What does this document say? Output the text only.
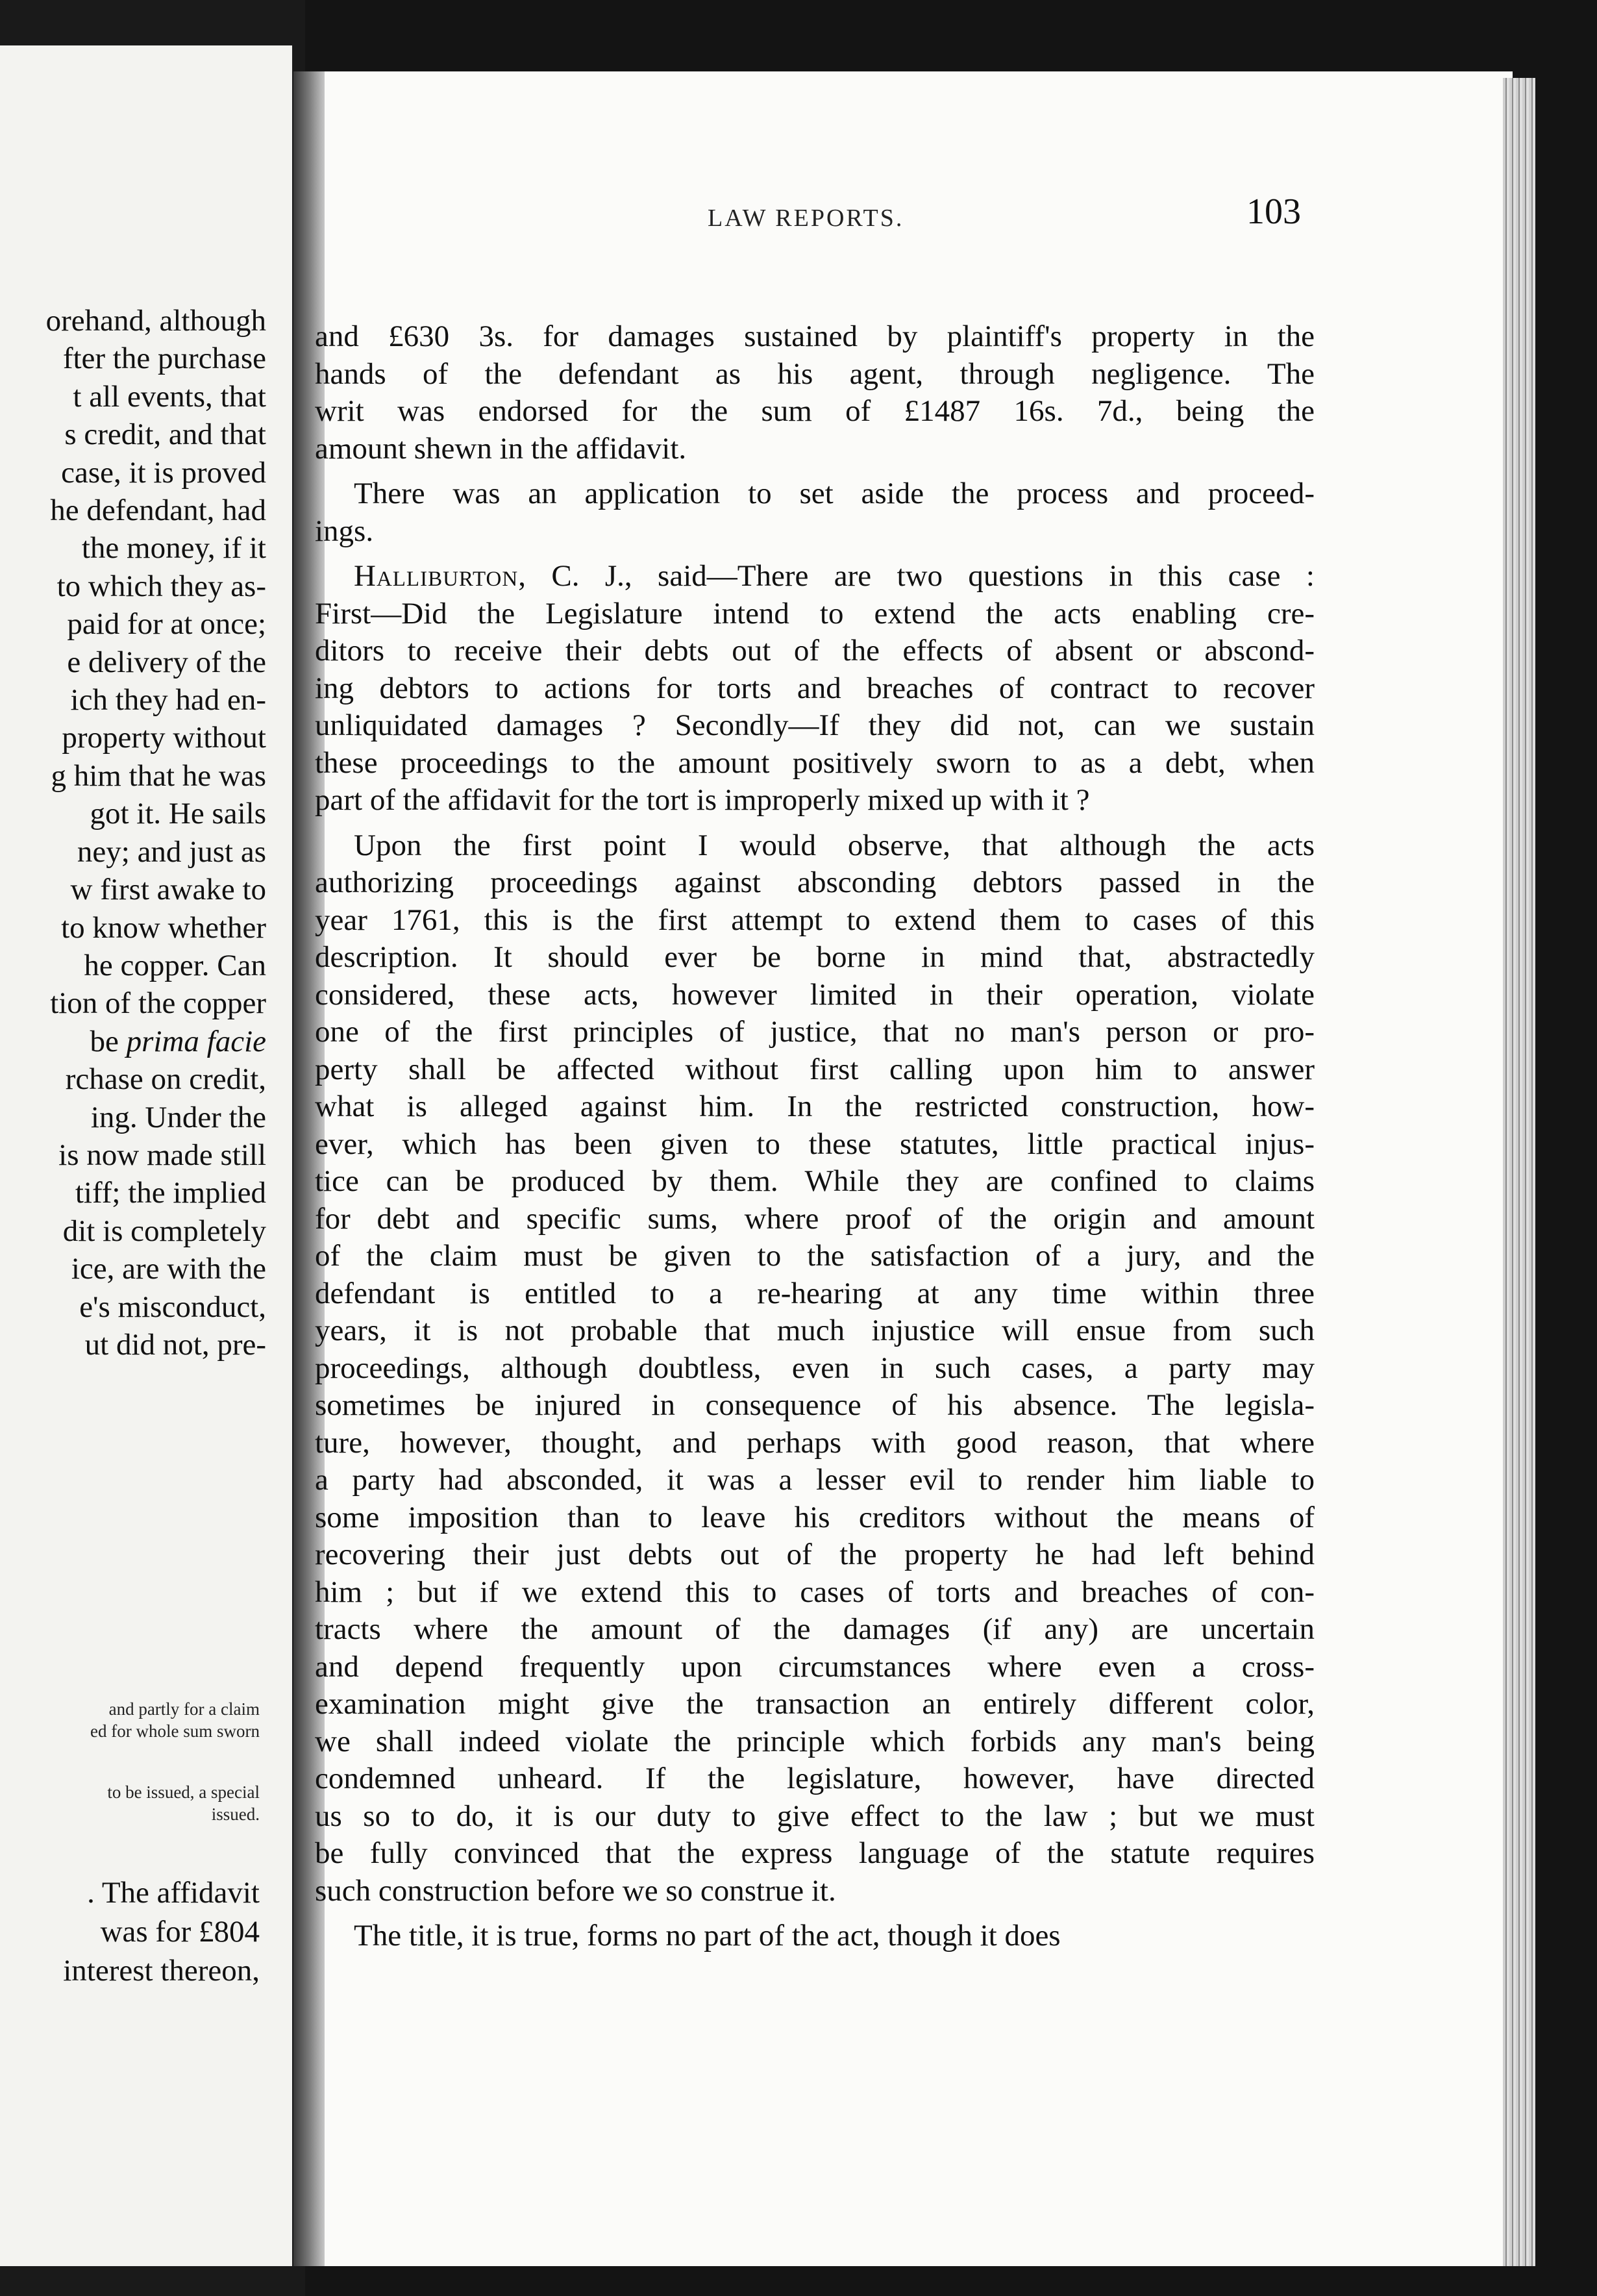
orehand, although
fter the purchase
t all events, that
s credit, and that
case, it is proved
he defendant, had
the money, if it
to which they as-
paid for at once;
e delivery of the
ich they had en-
property without
g him that he was
got it. He sails
ney; and just as
w first awake to
to know whether
he copper. Can
tion of the copper
be prima facie
rchase on credit,
ing. Under the
is now made still
tiff; the implied
dit is completely
ice, are with the
e's misconduct,
ut did not, pre-
and partly for a claim
ed for whole sum sworn
to be issued, a special
issued.
. The affidavit
was for £804
interest thereon,
LAW REPORTS.	103
and £630 3s. for damages sustained by plaintiff's property in the
hands of the defendant as his agent, through negligence. The
writ was endorsed for the sum of £1487 16s. 7d., being the
amount shewn in the affidavit.
There was an application to set aside the process and proceed-
ings.
Halliburton, C. J., said—There are two questions in this case :
First—Did the Legislature intend to extend the acts enabling cre-
ditors to receive their debts out of the effects of absent or abscond-
ing debtors to actions for torts and breaches of contract to recover
unliquidated damages ? Secondly—If they did not, can we sustain
these proceedings to the amount positively sworn to as a debt, when
part of the affidavit for the tort is improperly mixed up with it ?
Upon the first point I would observe, that although the acts
authorizing proceedings against absconding debtors passed in the
year 1761, this is the first attempt to extend them to cases of this
description. It should ever be borne in mind that, abstractedly
considered, these acts, however limited in their operation, violate
one of the first principles of justice, that no man's person or pro-
perty shall be affected without first calling upon him to answer
what is alleged against him. In the restricted construction, how-
ever, which has been given to these statutes, little practical injus-
tice can be produced by them. While they are confined to claims
for debt and specific sums, where proof of the origin and amount
of the claim must be given to the satisfaction of a jury, and the
defendant is entitled to a re-hearing at any time within three
years, it is not probable that much injustice will ensue from such
proceedings, although doubtless, even in such cases, a party may
sometimes be injured in consequence of his absence. The legisla-
ture, however, thought, and perhaps with good reason, that where
a party had absconded, it was a lesser evil to render him liable to
some imposition than to leave his creditors without the means of
recovering their just debts out of the property he had left behind
him ; but if we extend this to cases of torts and breaches of con-
tracts where the amount of the damages (if any) are uncertain
and depend frequently upon circumstances where even a cross-
examination might give the transaction an entirely different color,
we shall indeed violate the principle which forbids any man's being
condemned unheard. If the legislature, however, have directed
us so to do, it is our duty to give effect to the law ; but we must
be fully convinced that the express language of the statute requires
such construction before we so construe it.
The title, it is true, forms no part of the act, though it does
